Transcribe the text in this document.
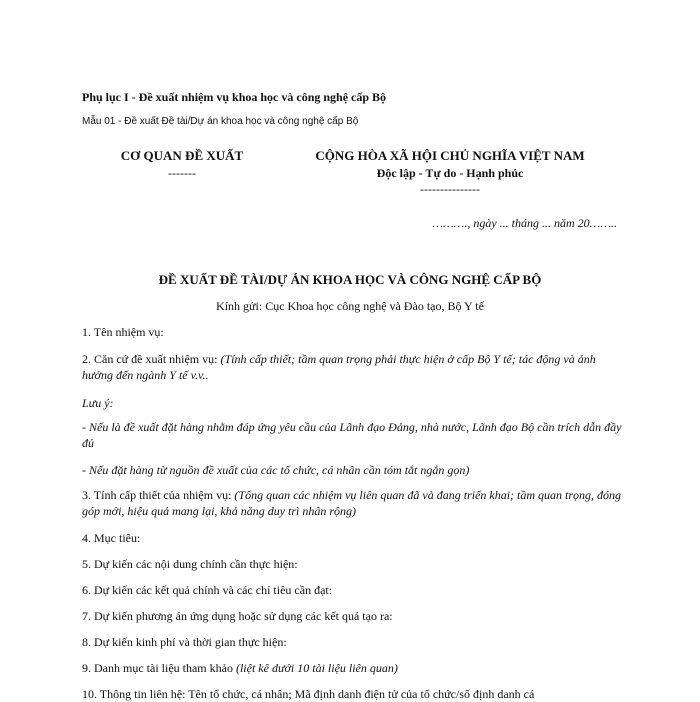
Phụ lục I - Đề xuất nhiệm vụ khoa học và công nghệ cấp Bộ
Mẫu 01 - Đề xuất Đề tài/Dự án khoa học và công nghệ cấp Bộ
CƠ QUAN ĐỀ XUẤT
-------
CỘNG HÒA XÃ HỘI CHỦ NGHĨA VIỆT NAM
Độc lập - Tự do - Hạnh phúc
---------------
………., ngày ... tháng ... năm 20……..
ĐỀ XUẤT ĐỀ TÀI/DỰ ÁN KHOA HỌC VÀ CÔNG NGHỆ CẤP BỘ
Kính gửi: Cục Khoa học công nghệ và Đào tạo, Bộ Y tế
1. Tên nhiệm vụ:
2. Căn cứ đề xuất nhiệm vụ: (Tính cấp thiết; tầm quan trọng phải thực hiện ở cấp Bộ Y tế; tác động và ảnh hưởng đến ngành Y tế v.v..
Lưu ý:
- Nếu là đề xuất đặt hàng nhằm đáp ứng yêu cầu của Lãnh đạo Đảng, nhà nước, Lãnh đạo Bộ cần trích dẫn đầy đủ
- Nếu đặt hàng từ nguồn đề xuất của các tổ chức, cá nhân cần tóm tắt ngắn gọn)
3. Tính cấp thiết của nhiệm vụ: (Tổng quan các nhiệm vụ liên quan đã và đang triển khai; tầm quan trọng, đóng góp mới, hiệu quả mang lại, khả năng duy trì nhân rộng)
4. Mục tiêu:
5. Dự kiến các nội dung chính cần thực hiện:
6. Dự kiến các kết quả chính và các chỉ tiêu cần đạt:
7. Dự kiến phương án ứng dụng hoặc sử dụng các kết quả tạo ra:
8. Dự kiến kinh phí và thời gian thực hiện:
9. Danh mục tài liệu tham khảo (liệt kê dưới 10 tài liệu liên quan)
10. Thông tin liên hệ: Tên tổ chức, cá nhân; Mã định danh điện tử của tổ chức/số định danh cá
